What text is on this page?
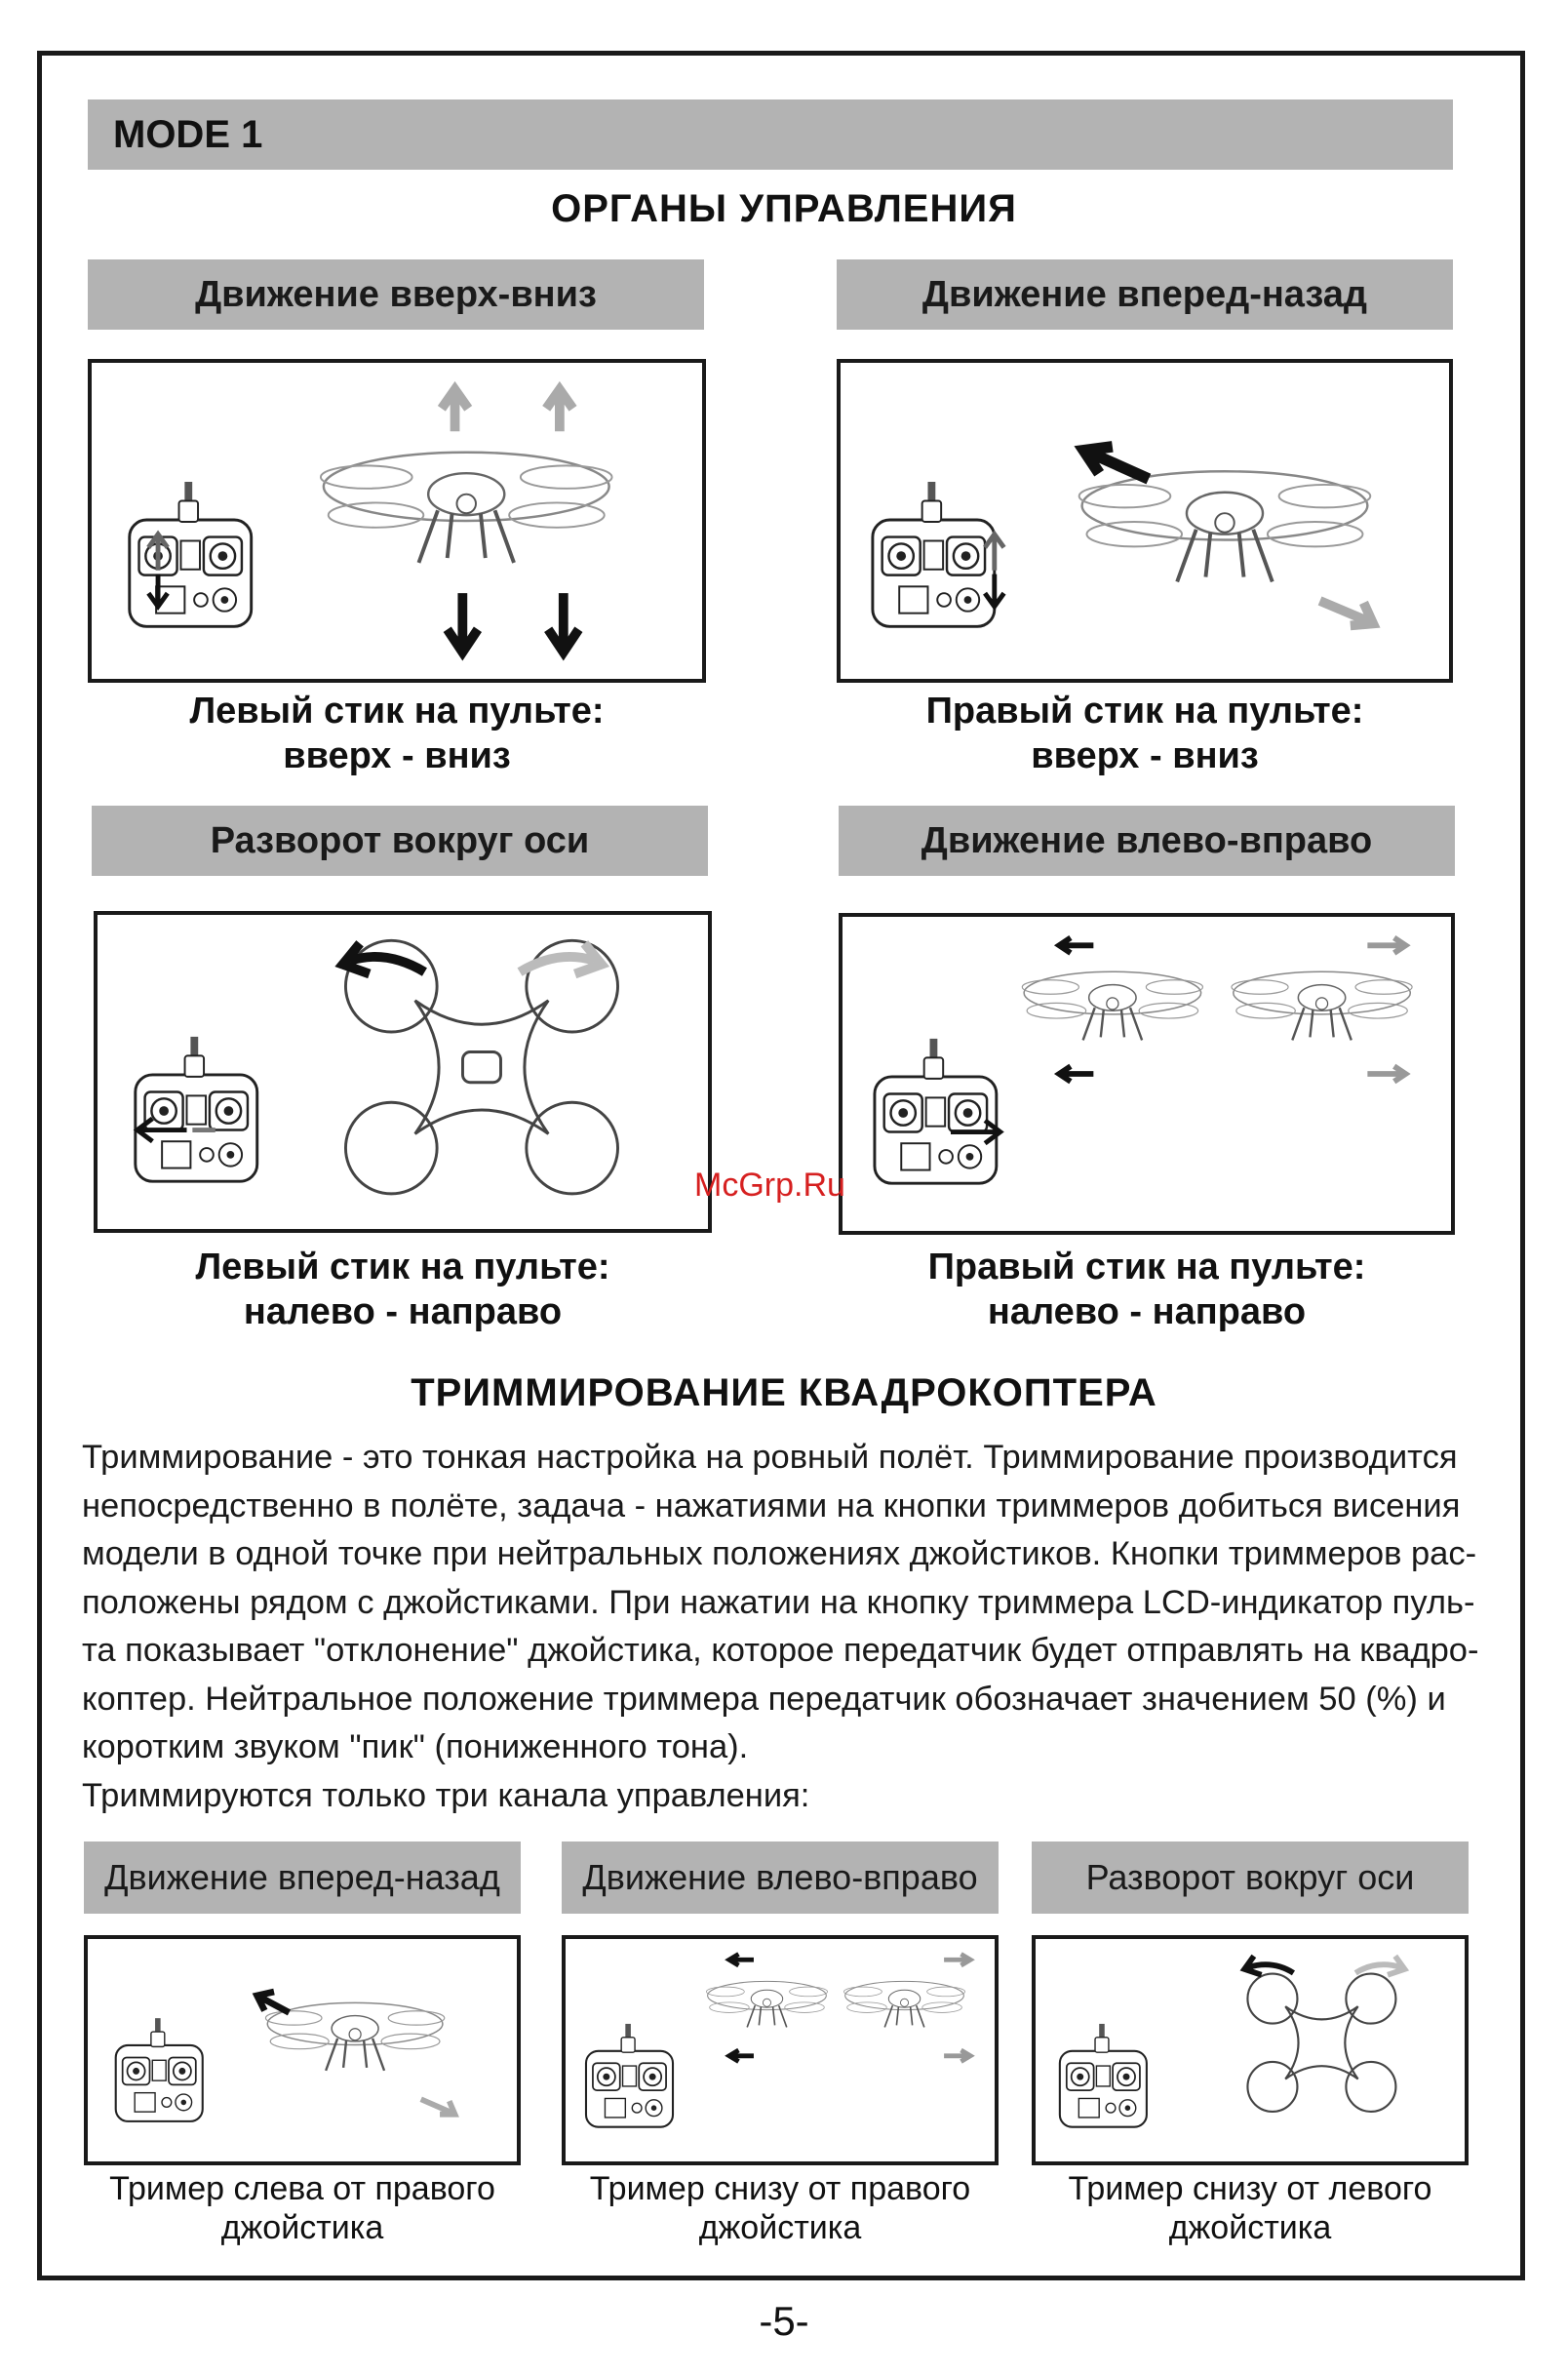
MODE 1
ОРГАНЫ УПРАВЛЕНИЯ
Движение вверх-вниз
Левый стик на пульте:
вверх - вниз
Движение вперед-назад
Правый стик на пульте:
вверх - вниз
Разворот вокруг оси
Левый стик на пульте:
налево - направо
Движение влево-вправо
Правый стик на пульте:
налево - направо
McGrp.Ru
ТРИММИРОВАНИЕ КВАДРОКОПТЕРА
Триммирование - это тонкая настройка на ровный полёт. Триммирование производится
непосредственно в полёте, задача - нажатиями на кнопки триммеров добиться висения
модели в одной точке при нейтральных положениях джойстиков. Кнопки триммеров рас-
положены рядом с джойстиками. При нажатии на кнопку триммера LCD-индикатор пуль-
та показывает "отклонение" джойстика, которое передатчик будет отправлять на квадро-
коптер. Нейтральное положение триммера передатчик обозначает значением 50 (%) и
коротким звуком "пик" (пониженного тона).
Триммируются только три канала управления:
Движение вперед-назад
Тример слева от правого
джойстика
Движение влево-вправо
Тример снизу от правого
джойстика
Разворот вокруг оси
Тример снизу от левого
джойстика
-5-
